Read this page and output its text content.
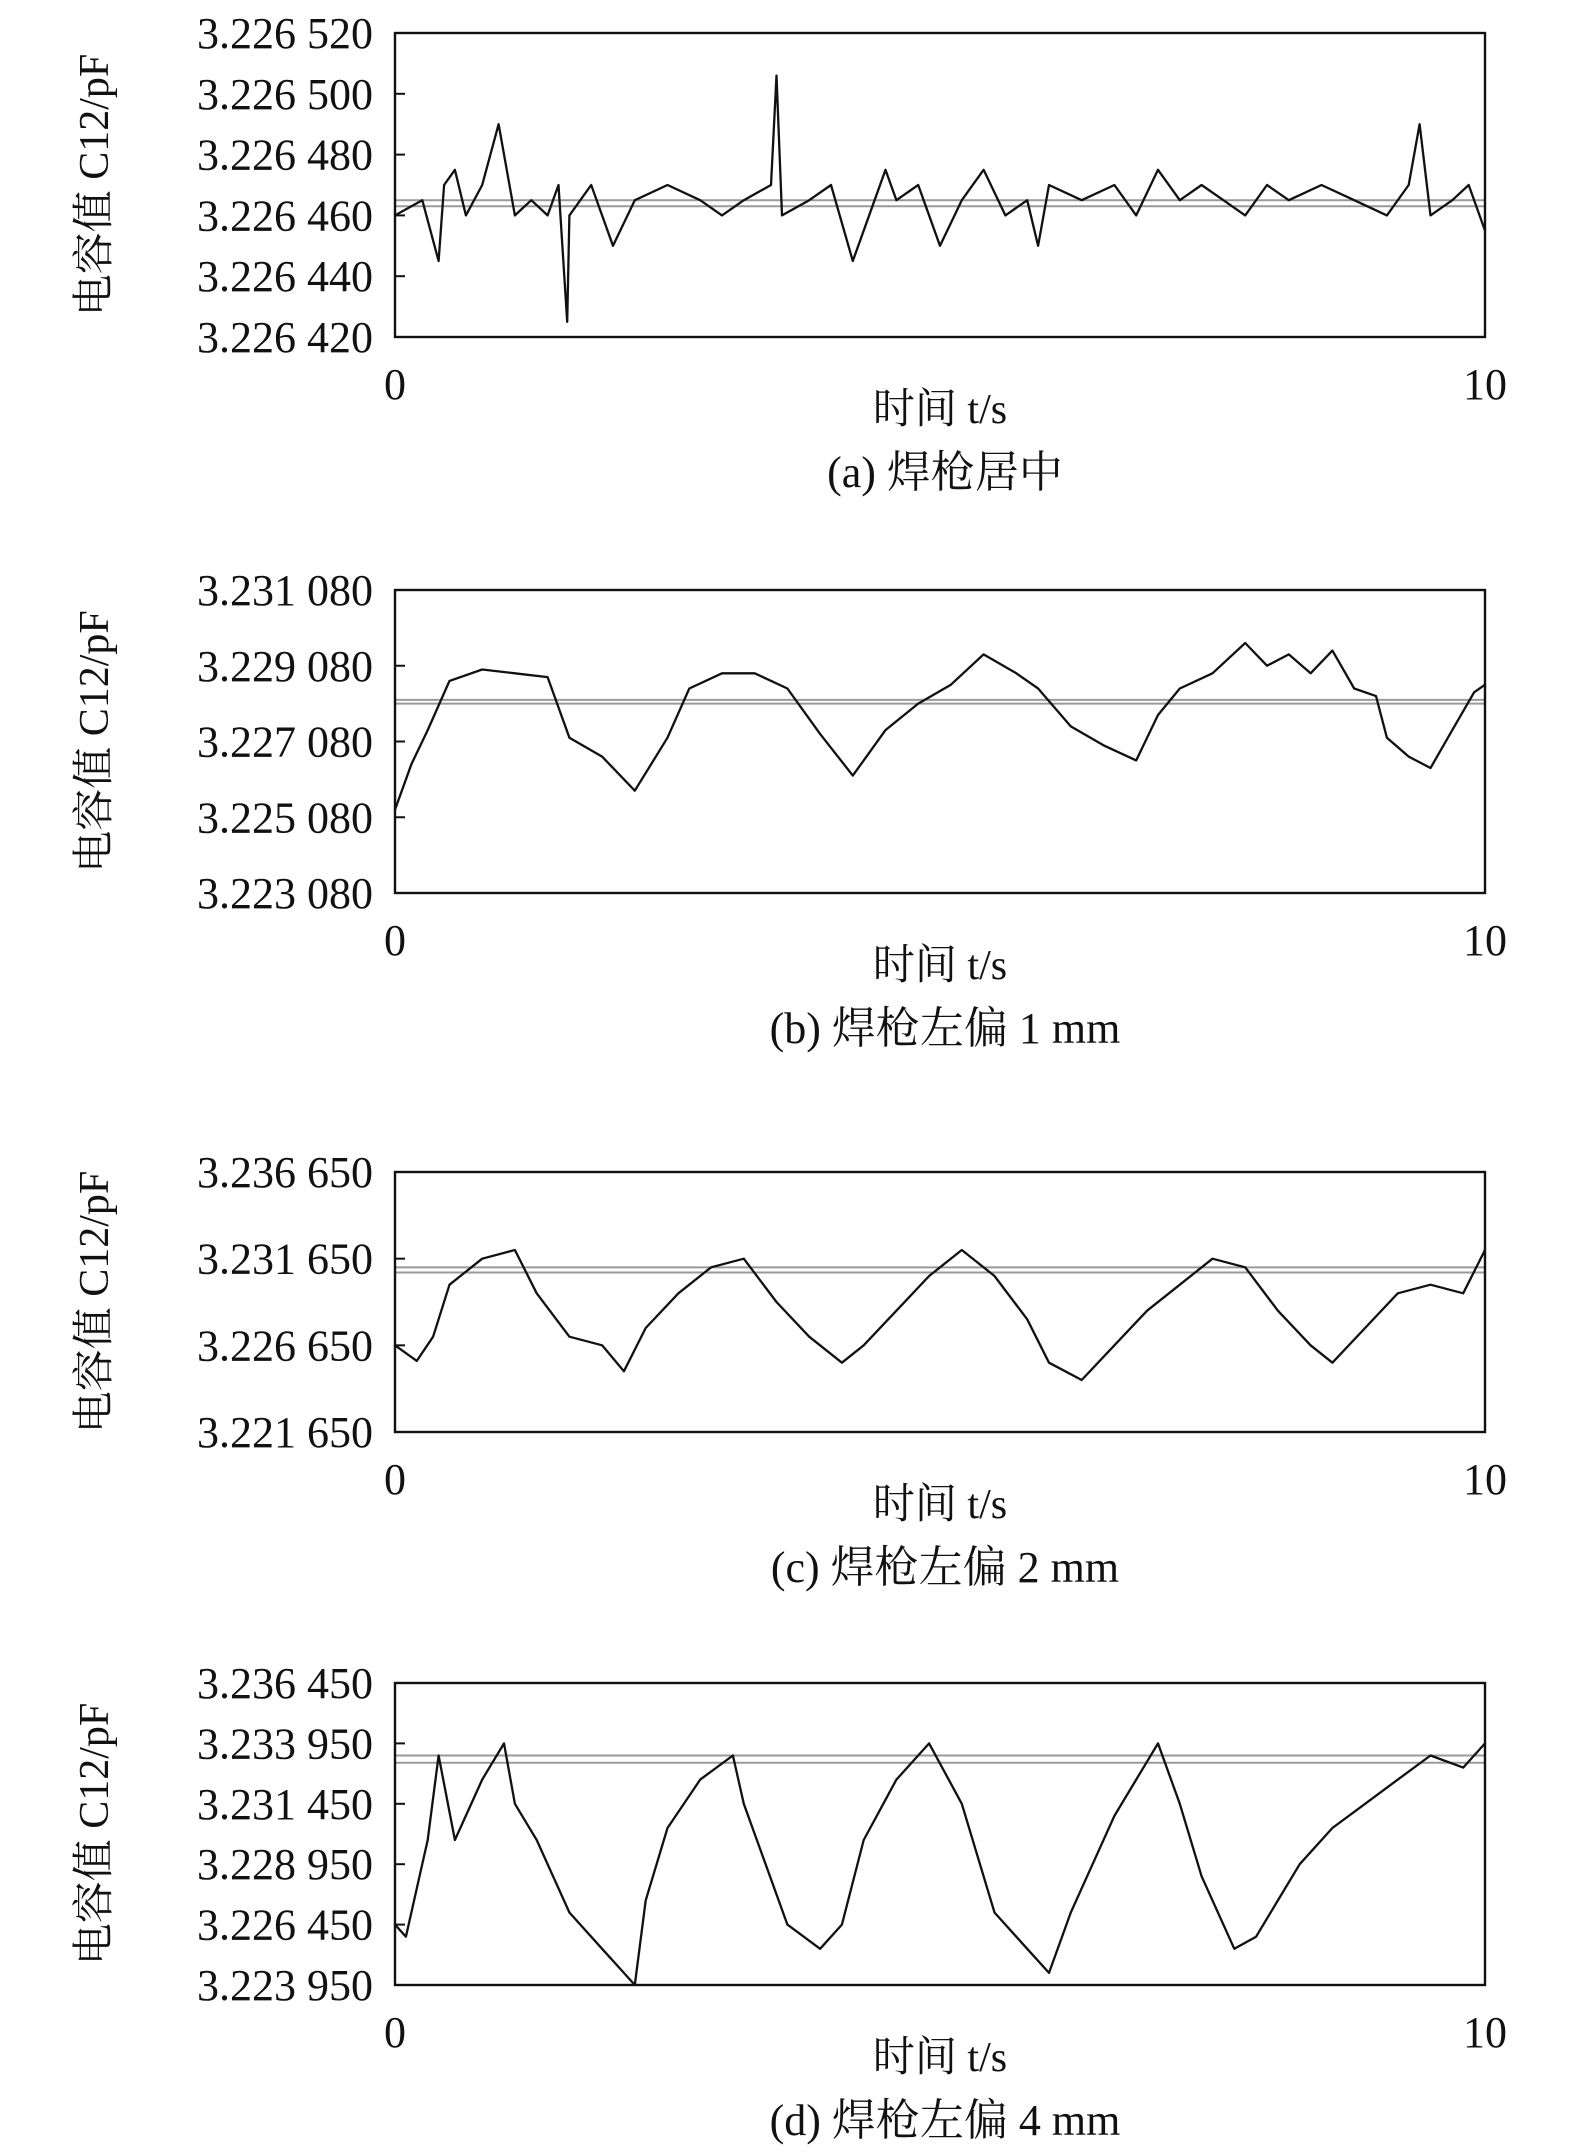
3.226 520
3.226 500
3.226 480
3.226 460
3.226 440
3.226 420
0	10
时间 t/s
电容值 C12/pF
(a) 焊枪居中
3.231 080
3.229 080
3.227 080
3.225 080
3.223 080
0	10
时间 t/s
电容值 C12/pF
(b) 焊枪左偏 1 mm
3.236 650
3.231 650
3.226 650
3.221 650
0	10
时间 t/s
电容值 C12/pF
(c) 焊枪左偏 2 mm
3.236 450
3.233 950
3.231 450
3.228 950
3.226 450
3.223 950
0	10
时间 t/s
电容值 C12/pF
(d) 焊枪左偏 4 mm
